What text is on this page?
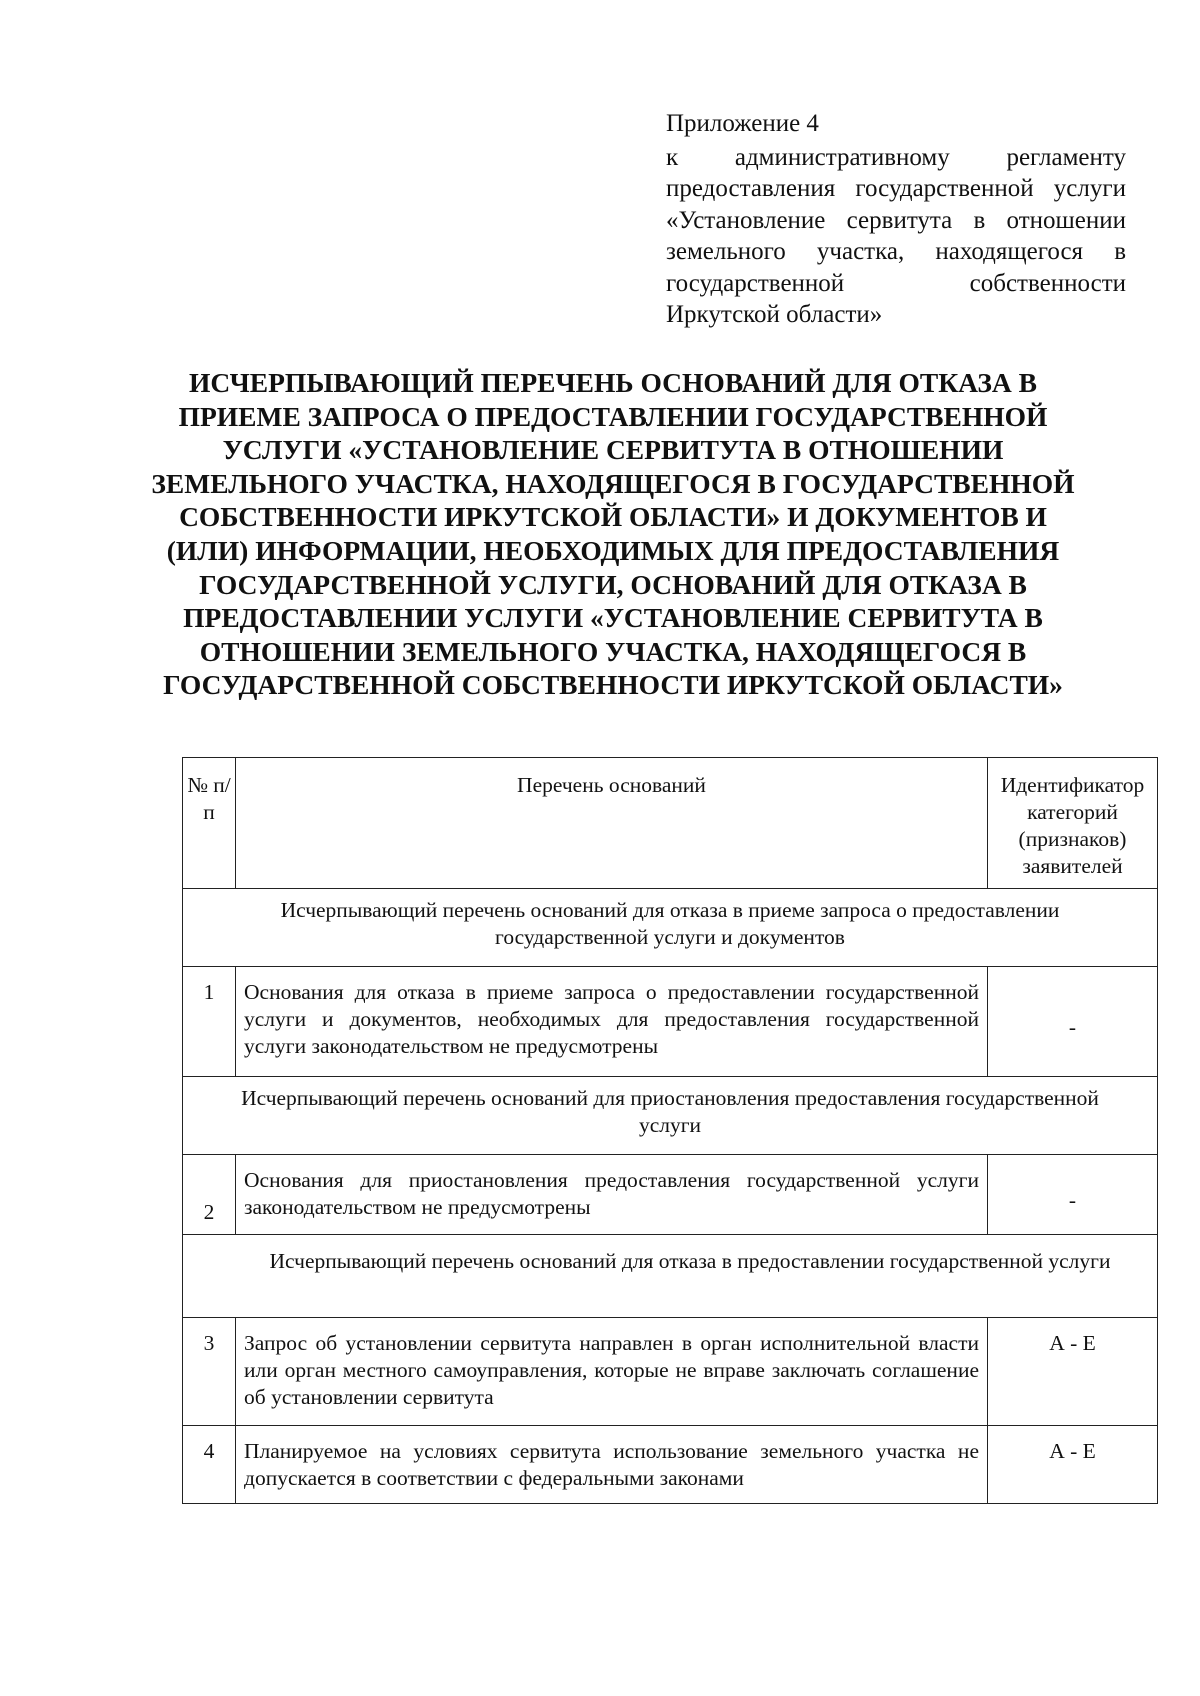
Приложение 4
к административному регламенту предоставления государственной услуги «Установление сервитута в отношении земельного участка, находящегося в государственной собственности Иркутской области»
ИСЧЕРПЫВАЮЩИЙ ПЕРЕЧЕНЬ ОСНОВАНИЙ ДЛЯ ОТКАЗА В ПРИЕМЕ ЗАПРОСА О ПРЕДОСТАВЛЕНИИ ГОСУДАРСТВЕННОЙ УСЛУГИ «УСТАНОВЛЕНИЕ СЕРВИТУТА В ОТНОШЕНИИ ЗЕМЕЛЬНОГО УЧАСТКА, НАХОДЯЩЕГОСЯ В ГОСУДАРСТВЕННОЙ СОБСТВЕННОСТИ ИРКУТСКОЙ ОБЛАСТИ» И ДОКУМЕНТОВ И (ИЛИ) ИНФОРМАЦИИ, НЕОБХОДИМЫХ ДЛЯ ПРЕДОСТАВЛЕНИЯ ГОСУДАРСТВЕННОЙ УСЛУГИ, ОСНОВАНИЙ ДЛЯ ОТКАЗА В ПРЕДОСТАВЛЕНИИ УСЛУГИ «УСТАНОВЛЕНИЕ СЕРВИТУТА В ОТНОШЕНИИ ЗЕМЕЛЬНОГО УЧАСТКА, НАХОДЯЩЕГОСЯ В ГОСУДАРСТВЕННОЙ СОБСТВЕННОСТИ ИРКУТСКОЙ ОБЛАСТИ»
№ п/п	Перечень оснований	Идентификатор категорий (признаков) заявителей
Исчерпывающий перечень оснований для отказа в приеме запроса о предоставлении государственной услуги и документов		
1	Основания для отказа в приеме запроса о предоставлении государственной услуги и документов, необходимых для предоставления государственной услуги законодательством не предусмотрены	-
Исчерпывающий перечень оснований для приостановления предоставления государственной услуги		
2	Основания для приостановления предоставления государственной услуги законодательством не предусмотрены	-
Исчерпывающий перечень оснований для отказа в предоставлении государственной услуги		
3	Запрос об установлении сервитута направлен в орган исполнительной власти или орган местного самоуправления, которые не вправе заключать соглашение об установлении сервитута	А - Е
4	Планируемое на условиях сервитута использование земельного участка не допускается в соответствии с федеральными законами	А - Е
